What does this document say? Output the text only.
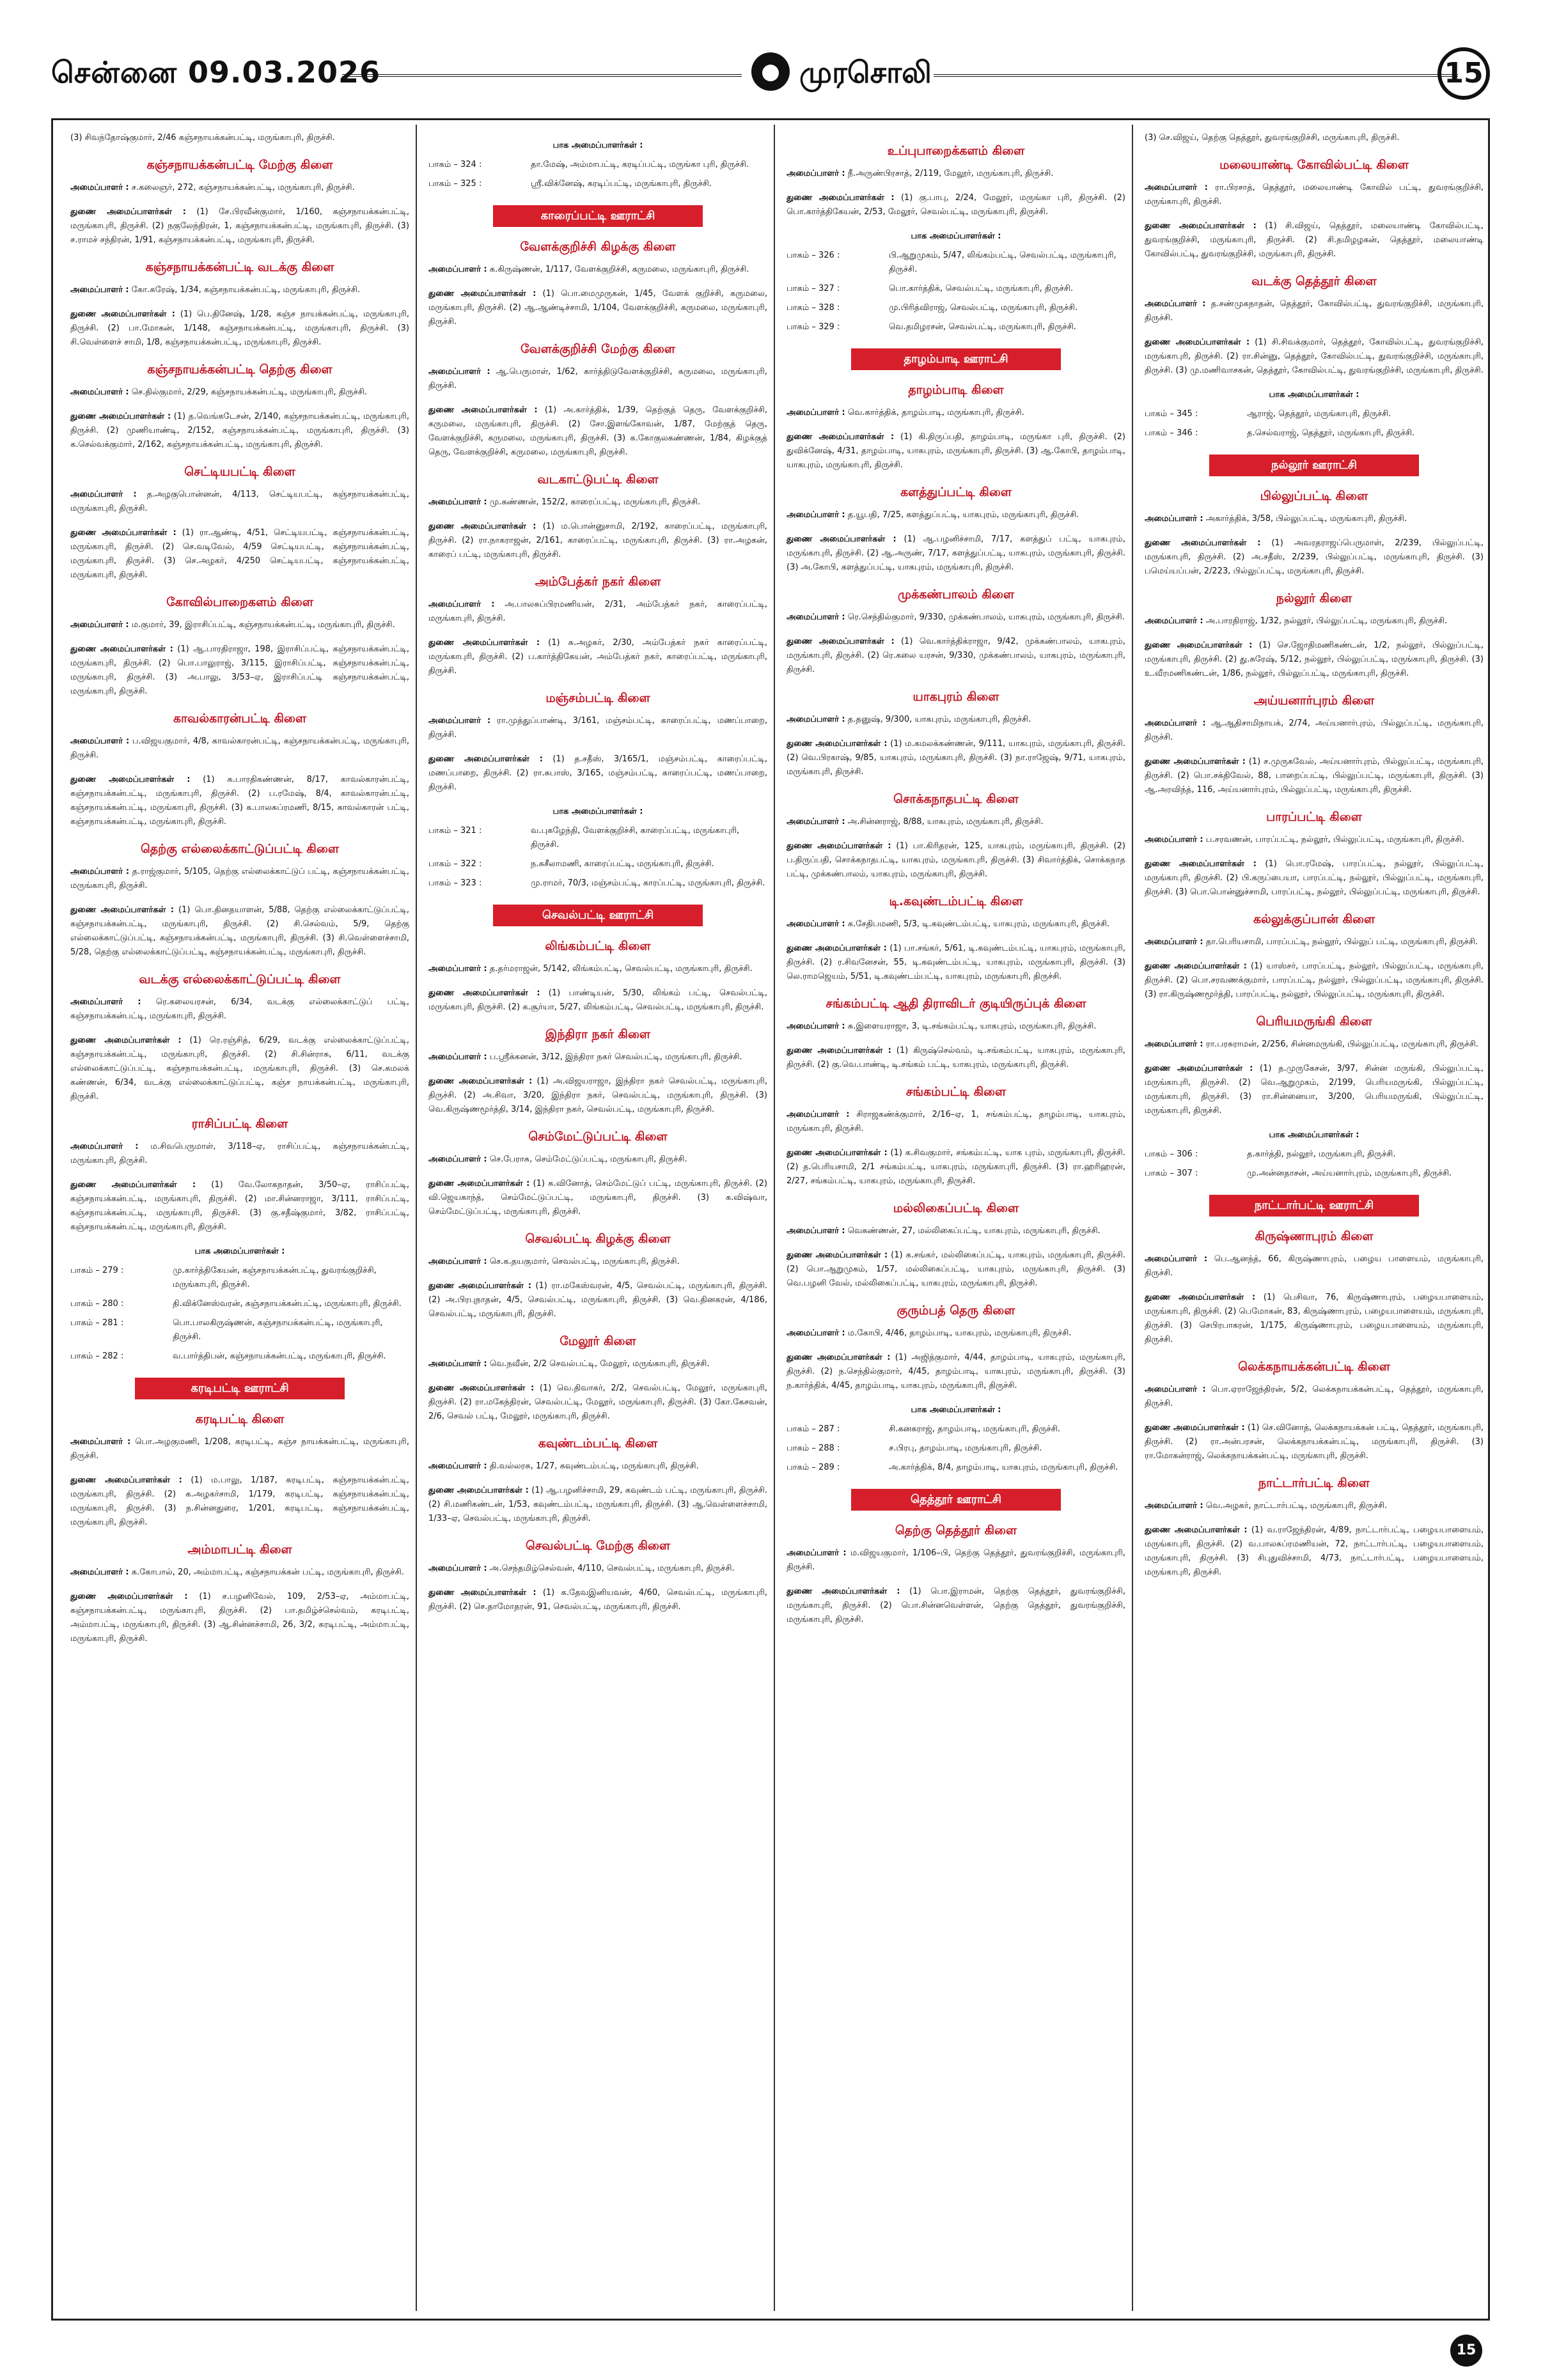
சென்னை 09.03.2026	● முரசொலி	15

(3) சிவந்தோஷ்குமார், 2/46 கஞ்சநாயக்கன்பட்டி, மருங்காபுரி, திருச்சி.

கஞ்சநாயக்கன்பட்டி மேற்கு கிளை

அமைப்பாளர் : ச.கலைஞர், 272, கஞ்சநாயக்கன்பட்டி, மருங்காபுரி, திருச்சி.

துணை அமைப்பாளர்கள் : (1) சே.பிரவீன்குமார், 1/160, கஞ்சநாயக்கன்பட்டி, மருங்காபுரி, திருச்சி. (2) நகுலேந்திரன், 1, கஞ்சநாயக்கன்பட்டி, மருங்காபுரி, திருச்சி. (3) ச.ராமச் சந்திரன், 1/91, கஞ்சநாயக்கன்பட்டி, மருங்காபுரி, திருச்சி.

கஞ்சநாயக்கன்பட்டி வடக்கு கிளை

அமைப்பாளர் : கோ.சுரேஷ், 1/34, கஞ்சநாயக்கன்பட்டி, மருங்காபுரி, திருச்சி.

துணை அமைப்பாளர்கள் : (1) பெ.தினேஷ், 1/28, கஞ்ச நாயக்கன்பட்டி, மருங்காபுரி, திருச்சி. (2) பா.மோகன், 1/148, கஞ்சநாயக்கன்பட்டி, மருங்காபுரி, திருச்சி. (3) சி.வெள்ளைச் சாமி, 1/8, கஞ்சநாயக்கன்பட்டி, மருங்காபுரி, திருச்சி.

கஞ்சநாயக்கன்பட்டி தெற்கு கிளை

அமைப்பாளர் : செ.தில்குமார், 2/29, கஞ்சநாயக்கன்பட்டி, மருங்காபுரி, திருச்சி.

துணை அமைப்பாளர்கள் : (1) த.வெங்கடேசன், 2/140, கஞ்சநாயக்கன்பட்டி, மருங்காபுரி, திருச்சி. (2) முணியாண்டி, 2/152, கஞ்சநாயக்கன்பட்டி, மருங்காபுரி, திருச்சி. (3) க.செல்வக்குமார், 2/162, கஞ்சநாயக்கன்பட்டி, மருங்காபுரி, திருச்சி.

செட்டியபட்டி கிளை

அமைப்பாளர் : த.அழகுபொன்னன், 4/113, செட்டியபட்டி, கஞ்சநாயக்கன்பட்டி, மருங்காபுரி, திருச்சி.

துணை அமைப்பாளர்கள் : (1) ரா.ஆண்டி, 4/51, செட்டியபட்டி, கஞ்சநாயக்கன்பட்டி, மருங்காபுரி, திருச்சி. (2) செ.வடிவேல், 4/59 செட்டியபட்டி, கஞ்சநாயக்கன்பட்டி, மருங்காபுரி, திருச்சி. (3) செ.அழகர், 4/250 செட்டியபட்டி, கஞ்சநாயக்கன்பட்டி, மருங்காபுரி, திருச்சி.

கோவில்பாறைகளம் கிளை

அமைப்பாளர் : ம.குமார், 39, இராசிப்பட்டி, கஞ்சநாயக்கன்பட்டி, மருங்காபுரி, திருச்சி.

துணை அமைப்பாளர்கள் : (1) ஆ.பாரதிராஜா, 198, இராசிப்பட்டி, கஞ்சநாயக்கன்பட்டி, மருங்காபுரி, திருச்சி. (2) பொ.பாலுராஜ், 3/115, இராசிப்பட்டி, கஞ்சநாயக்கன்பட்டி, மருங்காபுரி, திருச்சி. (3) அ.பாலு, 3/53–ஏ, இராசிப்பட்டி கஞ்சநாயக்கன்பட்டி, மருங்காபுரி, திருச்சி.

காவல்காரன்பட்டி கிளை

அமைப்பாளர் : ப.விஜயகுமார், 4/8, காவல்காரன்பட்டி, கஞ்சநாயக்கன்பட்டி, மருங்காபுரி, திருச்சி.

துணை அமைப்பாளர்கள் : (1) சு.பாரதிகண்ணன், 8/17, காவல்காரன்பட்டி, கஞ்சநாயக்கன்பட்டி, மருங்காபுரி, திருச்சி. (2) ப.ரமேஷ், 8/4, காவல்காரன்பட்டி, கஞ்சநாயக்கன்பட்டி, மருங்காபுரி, திருச்சி. (3) க.பாலசுப்ரமணி, 8/15, காவல்காரன் பட்டி, கஞ்சநாயக்கன்பட்டி, மருங்காபுரி, திருச்சி.

தெற்கு எல்லைக்காட்டுப்பட்டி கிளை

அமைப்பாளர் : த.ராஜ்குமார், 5/105, தெற்கு எல்லைக்காட்டுப் பட்டி, கஞ்சநாயக்கன்பட்டி, மருங்காபுரி, திருச்சி.

துணை அமைப்பாளர்கள் : (1) பொ.தினதயாளன், 5/88, தெற்கு எல்லைக்காட்டுப்பட்டி, கஞ்சநாயக்கன்பட்டி, மருங்காபுரி, திருச்சி. (2) சி.செல்வம், 5/9, தெற்கு எல்லைக்காட்டுப்பட்டி, கஞ்சநாயக்கன்பட்டி, மருங்காபுரி, திருச்சி. (3) சி.வெள்ளைச்சாமி, 5/28, தெற்கு எல்லைக்காட்டுப்பட்டி, கஞ்சநாயக்கன்பட்டி, மருங்காபுரி, திருச்சி.

வடக்கு எல்லைக்காட்டுப்பட்டி கிளை

அமைப்பாளர் : ரெ.கலையரசன், 6/34, வடக்கு எல்லைக்காட்டுப் பட்டி, கஞ்சநாயக்கன்பட்டி, மருங்காபுரி, திருச்சி.

துணை அமைப்பாளர்கள் : (1) ரெ.ரஞ்சித், 6/29, வடக்கு எல்லைக்காட்டுப்பட்டி, கஞ்சநாயக்கன்பட்டி, மருங்காபுரி, திருச்சி. (2) சி.சின்ராசு, 6/11, வடக்கு எல்லைக்காட்டுப்பட்டி, கஞ்சநாயக்கன்பட்டி, மருங்காபுரி, திருச்சி. (3) செ.கமலக் கண்ணன், 6/34, வடக்கு எல்லைக்காட்டுப்பட்டி, கஞ்ச நாயக்கன்பட்டி, மருங்காபுரி, திருச்சி.

ராசிப்பட்டி கிளை

அமைப்பாளர் : ம.சிவபெருமாள், 3/118–ஏ, ராசிப்பட்டி, கஞ்சநாயக்கன்பட்டி, மருங்காபுரி, திருச்சி.

துணை அமைப்பாளர்கள் : (1) வே.லோகநாதன், 3/50–ஏ, ராசிப்பட்டி, கஞ்சநாயக்கன்பட்டி, மருங்காபுரி, திருச்சி. (2) மா.சின்னராஜா, 3/111, ராசிப்பட்டி, கஞ்சநாயக்கன்பட்டி, மருங்காபுரி, திருச்சி. (3) கு.சதீஷ்குமார், 3/82, ராசிப்பட்டி, கஞ்சநாயக்கன்பட்டி, மருங்காபுரி, திருச்சி.

பாக அமைப்பாளர்கள் :
பாகம் – 279 :	மு.கார்த்திகேயன், கஞ்சநாயக்கன்பட்டி, துவரங்குறிச்சி, மருங்காபுரி, திருச்சி.
பாகம் – 280 :	தி.விக்னேஸ்வரன், கஞ்சநாயக்கன்பட்டி, மருங்காபுரி, திருச்சி.
பாகம் – 281 :	பொ.பாலகிருஷ்ணன், கஞ்சநாயக்கன்பட்டி, மருங்காபுரி, திருச்சி.
பாகம் – 282 :	வ.பார்த்திபன், கஞ்சநாயக்கன்பட்டி, மருங்காபுரி, திருச்சி.
கரடிபட்டி ஊராட்சி
கரடிபட்டி கிளை

அமைப்பாளர் : பொ.அழகுமணி, 1/208, கரடிபட்டி, கஞ்ச நாயக்கன்பட்டி, மருங்காபுரி, திருச்சி.

துணை அமைப்பாளர்கள் : (1) ம.பாலு, 1/187, கரடிபட்டி, கஞ்சநாயக்கன்பட்டி, மருங்காபுரி, திருச்சி. (2) க.அழகர்சாமி, 1/179, கரடிபட்டி, கஞ்சநாயக்கன்பட்டி, மருங்காபுரி, திருச்சி. (3) ந.சின்னதுரை, 1/201, கரடிபட்டி, கஞ்சநாயக்கன்பட்டி, மருங்காபுரி, திருச்சி.

அம்மாபட்டி கிளை

அமைப்பாளர் : க.கோபால், 20, அம்மாபட்டி, கஞ்சநாயக்கன் பட்டி, மருங்காபுரி, திருச்சி.

துணை அமைப்பாளர்கள் : (1) ச.பழனிவேல், 109, 2/53–ஏ, அம்மாபட்டி, கஞ்சநாயக்கன்பட்டி, மருங்காபுரி, திருச்சி. (2) பா.தமிழ்ச்செல்வம், கரடிபட்டி, அம்மாபட்டி, மருங்காபுரி, திருச்சி. (3) ஆ.சின்னச்சாமி, 26, 3/2, கரடிபட்டி, அம்மாபட்டி, மருங்காபுரி, திருச்சி.

பாக அமைப்பாளர்கள் :
பாகம் – 324 :	தா.மேஷ், அம்மாபட்டி, கரடிப்பட்டி, மருங்கா புரி, திருச்சி.
பாகம் – 325 :	ஸ்ரீ.விக்னேஷ், கரடிப்பட்டி, மருங்காபுரி, திருச்சி.
காரைப்பட்டி ஊராட்சி
வேளக்குறிச்சி கிழக்கு கிளை

அமைப்பாளர் : க.கிருஷ்ணன், 1/117, வேளக்குறிச்சி, கருமலை, மருங்காபுரி, திருச்சி.

துணை அமைப்பாளர்கள் : (1) பொ.மைமுருகன், 1/45, வேளக் குறிச்சி, கருமலை, மருங்காபுரி, திருச்சி. (2) ஆ.ஆண்டிச்சாமி, 1/104, வேளக்குறிச்சி, கருமலை, மருங்காபுரி, திருச்சி.

வேளக்குறிச்சி மேற்கு கிளை

அமைப்பாளர் : ஆ.பெருமாள், 1/62, கார்த்திடுவேளக்குறிச்சி, கருமலை, மருங்காபுரி, திருச்சி.

துணை அமைப்பாளர்கள் : (1) அ.கார்த்திக், 1/39, தெற்குத் தெரு, வேளக்குறிச்சி, கருமலை, மருங்காபுரி, திருச்சி. (2) சோ.இளங்கோவன், 1/87, மேற்குத் தெரு, வேளக்குறிச்சி, கருமலை, மருங்காபுரி, திருச்சி. (3) க.கோகுலகண்ணன், 1/84, கிழக்குத் தெரு, வேளக்குறிச்சி, கருமலை, மருங்காபுரி, திருச்சி.

வடகாட்டுபட்டி கிளை

அமைப்பாளர் : மு.கண்ணன், 152/2, காரைப்பட்டி, மருங்காபுரி, திருச்சி.

துணை அமைப்பாளர்கள் : (1) ம.பொன்னுசாமி, 2/192, காரைப்பட்டி, மருங்காபுரி, திருச்சி. (2) ரா.நாகராஜன், 2/161, காரைப்பட்டி, மருங்காபுரி, திருச்சி. (3) ரா.அழகன், காரைப் பட்டி, மருங்காபுரி, திருச்சி.

அம்பேத்கர் நகர் கிளை

அமைப்பாளர் : அ.பாலசுப்பிரமணியன், 2/31, அம்பேத்கர் நகர், காரைப்பட்டி, மருங்காபுரி, திருச்சி.

துணை அமைப்பாளர்கள் : (1) சு.அழகர், 2/30, அம்பேத்கர் நகர் காரைப்பட்டி, மருங்காபுரி, திருச்சி. (2) ப.கார்த்திகேயன், அம்பேத்கர் நகர், காரைப்பட்டி, மருங்காபுரி, திருச்சி.

மஞ்சம்பட்டி கிளை

அமைப்பாளர் : ரா.முத்துப்பாண்டி, 3/161, மஞ்சம்பட்டி, காரைப்பட்டி, மணப்பாறை, திருச்சி.

துணை அமைப்பாளர்கள் : (1) த.சதீஸ், 3/165/1, மஞ்சம்பட்டி, காரைப்பட்டி, மணப்பாறை, திருச்சி. (2) ரா.சுபாஸ், 3/165, மஞ்சம்பட்டி, காரைப்பட்டி, மணப்பாறை, திருச்சி.

பாக அமைப்பாளர்கள் :
பாகம் – 321 :	வ.புகழேந்தி, வேளக்குறிச்சி, காரைப்பட்டி, மருங்காபுரி, திருச்சி.
பாகம் – 322 :	ந.சுசீலாமணி, காரைப்பட்டி, மருங்காபுரி, திருச்சி.
பாகம் – 323 :	மு.ராமர், 70/3, மஞ்சம்பட்டி, காரப்பட்டி, மருங்காபுரி, திருச்சி.
செவல்பட்டி ஊராட்சி
லிங்கம்பட்டி கிளை

அமைப்பாளர் : த.தர்மராஜன், 5/142, லிங்கம்பட்டி, செவல்பட்டி, மருங்காபுரி, திருச்சி.

துணை அமைப்பாளர்கள் : (1) பாண்டியன், 5/30, லிங்கம் பட்டி, செவல்பட்டி, மருங்காபுரி, திருச்சி. (2) க.சூர்யா, 5/27, லிங்கம்பட்டி, செவல்பட்டி, மருங்காபுரி, திருச்சி.

இந்திரா நகர் கிளை

அமைப்பாளர் : ப.ஸ்ரீக்கனன், 3/12, இந்திரா நகர் செவல்பட்டி, மருங்காபுரி, திருச்சி.

துணை அமைப்பாளர்கள் : (1) அ.விஜயராஜா, இந்திரா நகர் செவல்பட்டி, மருங்காபுரி, திருச்சி. (2) அ.சிவா, 3/20, இந்திரா நகர், செவல்பட்டி, மருங்காபுரி, திருச்சி. (3) வெ.கிருஷ்ணமூர்த்தி, 3/14, இந்திரா நகர், செவல்பட்டி, மருங்காபுரி, திருச்சி.

செம்மேட்டுப்பட்டி கிளை

அமைப்பாளர் : செ.பேராசு, செம்மேட்டுப்பட்டி, மருங்காபுரி, திருச்சி.

துணை அமைப்பாளர்கள் : (1) சு.வினோத், செம்மேட்டுப் பட்டி, மருங்காபுரி, திருச்சி. (2) வி.ஜெயகாந்த், செம்மேட்டுப்பட்டி, மருங்காபுரி, திருச்சி. (3) க.விஷ்வா, செம்மேட்டுப்பட்டி, மருங்காபுரி, திருச்சி.

செவல்பட்டி கிழக்கு கிளை

அமைப்பாளர் : செ.க.தயகுமார், செவல்பட்டி, மருங்காபுரி, திருச்சி.

துணை அமைப்பாளர்கள் : (1) ரா.மகேஸ்வரன், 4/5, செவல்பட்டி, மருங்காபுரி, திருச்சி. (2) அ.பிரபுநாதன், 4/5, செவல்பட்டி, மருங்காபுரி, திருச்சி. (3) வெ.தினகரன், 4/186, செவல்பட்டி, மருங்காபுரி, திருச்சி.

மேலூர் கிளை

அமைப்பாளர் : வெ.நவீன், 2/2 செவல்பட்டி, மேலூர், மருங்காபுரி, திருச்சி.

துணை அமைப்பாளர்கள் : (1) வெ.திவாகர், 2/2, செவல்பட்டி, மேலூர், மருங்காபுரி, திருச்சி. (2) ரா.மகேந்திரன், செவல்பட்டி, மேலூர், மருங்காபுரி, திருச்சி. (3) கோ.கேசவன், 2/6, செவல் பட்டி, மேலூர், மருங்காபுரி, திருச்சி.

கவுண்டம்பட்டி கிளை

அமைப்பாளர் : தி.வல்லரசு, 1/27, கவுண்டம்பட்டி, மருங்காபுரி, திருச்சி.

துணை அமைப்பாளர்கள் : (1) ஆ.பழனிச்சாமி, 29, கவுண்டம் பட்டி, மருங்காபுரி, திருச்சி. (2) சி.மணிகண்டன், 1/53, கவுண்டம்பட்டி, மருங்காபுரி, திருச்சி. (3) ஆ.வெள்ளைச்சாமி, 1/33–ஏ, செவல்பட்டி, மருங்காபுரி, திருச்சி.

செவல்பட்டி மேற்கு கிளை

அமைப்பாளர் : அ.செந்தமிழ்செல்வன், 4/110, செவல்பட்டி, மருங்காபுரி, திருச்சி.

துணை அமைப்பாளர்கள் : (1) க.தேவஇனியவன், 4/60, செவல்பட்டி, மருங்காபுரி, திருச்சி. (2) செ.தாமோதரன், 91, செவல்பட்டி, மருங்காபுரி, திருச்சி.

உப்புபாறைக்களம் கிளை

அமைப்பாளர் : நீ.அருண்பிரசாத், 2/119, மேலூர், மருங்காபுரி, திருச்சி.

துணை அமைப்பாளர்கள் : (1) கு.பாபு, 2/24, மேலூர், மருங்கா புரி, திருச்சி. (2) பொ.கார்த்திகேயன், 2/53, மேலூர், செவல்பட்டி, மருங்காபுரி, திருச்சி.

பாக அமைப்பாளர்கள் :
பாகம் – 326 :	பி.ஆறுமுகம், 5/47, லிங்கம்பட்டி, செவல்பட்டி, மருங்காபுரி, திருச்சி.
பாகம் – 327 :	பொ.கார்த்திக், செவல்பட்டி, மருங்காபுரி, திருச்சி.
பாகம் – 328 :	மு.பிரித்விராஜ், செவல்பட்டி, மருங்காபுரி, திருச்சி.
பாகம் – 329 :	வெ.தமிழரசன், செவல்பட்டி, மருங்காபுரி, திருச்சி.
தாழம்பாடி ஊராட்சி
தாழம்பாடி கிளை

அமைப்பாளர் : வெ.கார்த்திக், தாழம்பாடி, மருங்காபுரி, திருச்சி.

துணை அமைப்பாளர்கள் : (1) கி.திருப்பதி, தாழம்பாடி, மருங்கா புரி, திருச்சி. (2) துவிக்னேஷ், 4/31, தாழம்பாடி, யாகபுரம், மருங்காபுரி, திருச்சி. (3) ஆ.கோபி, தாழம்பாடி, யாகபுரம், மருங்காபுரி, திருச்சி.

களத்துப்பட்டி கிளை

அமைப்பாளர் : த.யூபதி, 7/25, களத்துப்பட்டி, யாகபுரம், மருங்காபுரி, திருச்சி.

துணை அமைப்பாளர்கள் : (1) ஆ.பழனிச்சாமி, 7/17, களத்துப் பட்டி, யாகபுரம், மருங்காபுரி, திருச்சி. (2) ஆ.அருண், 7/17, களத்துப்பட்டி, யாகபுரம், மருங்காபுரி, திருச்சி. (3) அ.கோபி, களத்துப்பட்டி, யாகபுரம், மருங்காபுரி, திருச்சி.

முக்கண்பாலம் கிளை

அமைப்பாளர் : ரெ.செந்தில்குமார், 9/330, முக்கண்பாலம், யாகபுரம், மருங்காபுரி, திருச்சி.

துணை அமைப்பாளர்கள் : (1) வெ.கார்த்திக்ராஜா, 9/42, முக்கண்பாலம், யாகபுரம், மருங்காபுரி, திருச்சி. (2) ரெ.கலை யரசன், 9/330, முக்கண்பாலம், யாகபுரம், மருங்காபுரி, திருச்சி.

யாகபுரம் கிளை

அமைப்பாளர் : த.தனுஷ், 9/300, யாகபுரம், மருங்காபுரி, திருச்சி.

துணை அமைப்பாளர்கள் : (1) ம.கமலக்கண்ணன், 9/111, யாகபுரம், மருங்காபுரி, திருச்சி. (2) வெ.பிரகாஷ், 9/85, யாகபுரம், மருங்காபுரி, திருச்சி. (3) நா.ராஜேஷ், 9/71, யாகபுரம், மருங்காபுரி, திருச்சி.

சொக்கநாதபட்டி கிளை

அமைப்பாளர் : அ.சின்னராஜ், 8/88, யாகபுரம், மருங்காபுரி, திருச்சி.

துணை அமைப்பாளர்கள் : (1) பா.கிரிதரன், 125, யாகபுரம், மருங்காபுரி, திருச்சி. (2) ப.திருப்பதி, சொக்கநாதபட்டி, யாகபுரம், மருங்காபுரி, திருச்சி. (3) சிவார்த்திக், சொக்கநாத பட்டி, முக்கண்பாலம், யாகபுரம், மருங்காபுரி, திருச்சி.

டி.கவுண்டம்பட்டி கிளை

அமைப்பாளர் : க.சேதிபமணி, 5/3, டி.கவுண்டம்பட்டி, யாகபுரம், மருங்காபுரி, திருச்சி.

துணை அமைப்பாளர்கள் : (1) பா.சங்கர், 5/61, டி.கவுண்டம்பட்டி, யாகபுரம், மருங்காபுரி, திருச்சி. (2) ர.சிவனேசன், 55, டி.கவுண்டம்பட்டி, யாகபுரம், மருங்காபுரி, திருச்சி. (3) லெ.ராமஜெயம், 5/51, டி.கவுண்டம்பட்டி, யாகபுரம், மருங்காபுரி, திருச்சி.

சங்கம்பட்டி ஆதி திராவிடர் குடியிருப்புக் கிளை

அமைப்பாளர் : சு.இளையராஜா, 3, டி.சங்கம்பட்டி, யாகபுரம், மருங்காபுரி, திருச்சி.

துணை அமைப்பாளர்கள் : (1) கிருஷ்செல்வம், டி.சங்கம்பட்டி, யாகபுரம், மருங்காபுரி, திருச்சி. (2) கு.வெ.பாண்டி, டி.சங்கம் பட்டி, யாகபுரம், மருங்காபுரி, திருச்சி.

சங்கம்பட்டி கிளை

அமைப்பாளர் : சிராஜகண்க்குமார், 2/16–ஏ, 1, சங்கம்பட்டி, தாழம்பாடி, யாகபுரம், மருங்காபுரி, திருச்சி.

துணை அமைப்பாளர்கள் : (1) க.சிவகுமார், சங்கம்பட்டி, யாக புரம், மருங்காபுரி, திருச்சி. (2) த.பெரியசாமி, 2/1 சங்கம்பட்டி, யாகபுரம், மருங்காபுரி, திருச்சி. (3) ரா.ஹரிஹரன், 2/27, சங்கம்பட்டி, யாகபுரம், மருங்காபுரி, திருச்சி.

மல்லிகைப்பட்டி கிளை

அமைப்பாளர் : வெகண்ணன், 27, மல்லிகைப்பட்டி, யாகபுரம், மருங்காபுரி, திருச்சி.

துணை அமைப்பாளர்கள் : (1) க.சங்கர், மல்லிகைப்பட்டி, யாகபுரம், மருங்காபுரி, திருச்சி. (2) பொ.ஆறுமுகம், 1/57, மல்லிகைப்பட்டி, யாகபுரம், மருங்காபுரி, திருச்சி. (3) வெ.பழனி வேல், மல்லிகைப்பட்டி, யாகபுரம், மருங்காபுரி, திருச்சி.

குரும்பத் தெரு கிளை

அமைப்பாளர் : ம.கோபி, 4/46, தாழம்பாடி, யாகபுரம், மருங்காபுரி, திருச்சி.

துணை அமைப்பாளர்கள் : (1) அஜித்குமார், 4/44, தாழம்பாடி, யாகபுரம், மருங்காபுரி, திருச்சி. (2) ந.செந்தில்குமார், 4/45, தாழம்பாடி, யாகபுரம், மருங்காபுரி, திருச்சி. (3) ந.கார்த்திக், 4/45, தாழம்பாடி, யாகபுரம், மருங்காபுரி, திருச்சி.

பாக அமைப்பாளர்கள் :
பாகம் – 287 :	சி.கனகராஜ், தாழம்பாடி, மருங்காபுரி, திருச்சி.
பாகம் – 288 :	ச.பிரபு, தாழம்பாடி, மருங்காபுரி, திருச்சி.
பாகம் – 289 :	அ.கார்த்திக், 8/4, தாழம்பாடி, யாகபுரம், மருங்காபுரி, திருச்சி.
தெத்தூர் ஊராட்சி
தெற்கு தெத்தூர் கிளை

அமைப்பாளர் : ம.விஜயகுமார், 1/106–பி, தெற்கு தெத்தூர், துவரங்குறிச்சி, மருங்காபுரி, திருச்சி.

துணை அமைப்பாளர்கள் : (1) பொ.இராமன், தெற்கு தெத்தூர், துவரங்குறிச்சி, மருங்காபுரி, திருச்சி. (2) பொ.சின்னவெள்ளன், தெற்கு தெத்தூர், துவரங்குறிச்சி, மருங்காபுரி, திருச்சி.

(3) செ.விஜய், தெற்கு தெத்தூர், துவரங்குறிச்சி, மருங்காபுரி, திருச்சி.

மலையாண்டி கோவில்பட்டி கிளை

அமைப்பாளர் : ரா.பிரசாத், தெத்தூர், மலையாண்டி கோவில் பட்டி, துவரங்குறிச்சி, மருங்காபுரி, திருச்சி.

துணை அமைப்பாளர்கள் : (1) சி.விஜய், தெத்தூர், மலையாண்டி கோவில்பட்டி, துவரங்குறிச்சி, மருங்காபுரி, திருச்சி. (2) சி.தமிழழகன், தெத்தூர், மலையாண்டி கோவில்பட்டி, துவரங்குறிச்சி, மருங்காபுரி, திருச்சி.

வடக்கு தெத்தூர் கிளை

அமைப்பாளர் : த.சண்முகநாதன், தெத்தூர், கோவில்பட்டி, துவரங்குறிச்சி, மருங்காபுரி, திருச்சி.

துணை அமைப்பாளர்கள் : (1) சி.சிவக்குமார், தெத்தூர், கோவில்பட்டி, துவரங்குறிச்சி, மருங்காபுரி, திருச்சி. (2) ரா.சின்னு, தெத்தூர், கோவில்பட்டி, துவரங்குறிச்சி, மருங்காபுரி, திருச்சி. (3) மு.மணிவாசகன், தெத்தூர், கோவில்பட்டி, துவரங்குறிச்சி, மருங்காபுரி, திருச்சி.

பாக அமைப்பாளர்கள் :
பாகம் – 345 :	ஆராஜ், தெத்தூர், மருங்காபுரி, திருச்சி.
பாகம் – 346 :	த.செல்வராஜ், தெத்தூர், மருங்காபுரி, திருச்சி.
நல்லூர் ஊராட்சி
பில்லுப்பட்டி கிளை

அமைப்பாளர் : அகார்த்திக், 3/58, பில்லுப்பட்டி, மருங்காபுரி, திருச்சி.

துணை அமைப்பாளர்கள் : (1) அவரதராஜப்பெருமாள், 2/239, பில்லுப்பட்டி, மருங்காபுரி, திருச்சி. (2) அ.சதீஸ், 2/239, பில்லுப்பட்டி, மருங்காபுரி, திருச்சி. (3) பமெய்யப்பன், 2/223, பில்லுப்பட்டி, மருங்காபுரி, திருச்சி.

நல்லூர் கிளை

அமைப்பாளர் : அ.பாரதிராஜ், 1/32, நல்லூர், பில்லுப்பட்டி, மருங்காபுரி, திருச்சி.

துணை அமைப்பாளர்கள் : (1) செ.ஜோதிமணிகண்டன், 1/2, நல்லூர், பில்லுப்பட்டி, மருங்காபுரி, திருச்சி. (2) து.சுரேஷ், 5/12, நல்லூர், பில்லுப்பட்டி, மருங்காபுரி, திருச்சி. (3) உ.வீரமணிகண்டன், 1/86, நல்லூர், பில்லுப்பட்டி, மருங்காபுரி, திருச்சி.

அய்யனார்புரம் கிளை

அமைப்பாளர் : ஆ.ஆதிசாமிநாயக், 2/74, அய்யனார்புரம், பில்லுப்பட்டி, மருங்காபுரி, திருச்சி.

துணை அமைப்பாளர்கள் : (1) ச.முருகவேல், அய்யனார்புரம், பில்லுப்பட்டி, மருங்காபுரி, திருச்சி. (2) பொ.சக்திவேல், 88, பாறைப்பட்டி, பில்லுப்பட்டி, மருங்காபுரி, திருச்சி. (3) ஆ.அரவிந்த், 116, அய்யனார்புரம், பில்லுப்பட்டி, மருங்காபுரி, திருச்சி.

பாரப்பட்டி கிளை

அமைப்பாளர் : ப.சரவணன், பாரப்பட்டி, நல்லூர், பில்லுப்பட்டி, மருங்காபுரி, திருச்சி.

துணை அமைப்பாளர்கள் : (1) பொ.ரமேஷ், பாரப்பட்டி, நல்லூர், பில்லுப்பட்டி, மருங்காபுரி, திருச்சி. (2) பி.கருப்பையா, பாரப்பட்டி, நல்லூர், பில்லுப்பட்டி, மருங்காபுரி, திருச்சி. (3) பொ.பொன்னுச்சாமி, பாரப்பட்டி, நல்லூர், பில்லுப்பட்டி, மருங்காபுரி, திருச்சி.

கல்லுக்குப்பான் கிளை

அமைப்பாளர் : தா.பெரியசாமி, பாரப்பட்டி, நல்லூர், பில்லுப் பட்டி, மருங்காபுரி, திருச்சி.

துணை அமைப்பாளர்கள் : (1) யாஸ்சர், பாரப்பட்டி, நல்லூர், பில்லுப்பட்டி, மருங்காபுரி, திருச்சி. (2) பொ.சரவணக்குமார், பாரப்பட்டி, நல்லூர், பில்லுப்பட்டி, மருங்காபுரி, திருச்சி. (3) ரா.கிருஷ்ணமூர்த்தி, பாரப்பட்டி, நல்லூர், பில்லுப்பட்டி, மருங்காபுரி, திருச்சி.

பெரியமருங்கி கிளை

அமைப்பாளர் : ரா.பரசுராமன், 2/256, சின்னமருங்கி, பில்லுப்பட்டி, மருங்காபுரி, திருச்சி.

துணை அமைப்பாளர்கள் : (1) த.முருகேசன், 3/97, சின்ன மருங்கி, பில்லுப்பட்டி, மருங்காபுரி, திருச்சி. (2) வெ.ஆறுமுகம், 2/199, பெரியமருங்கி, பில்லுப்பட்டி, மருங்காபுரி, திருச்சி. (3) ரா.சின்னையா, 3/200, பெரியமருங்கி, பில்லுப்பட்டி, மருங்காபுரி, திருச்சி.

பாக அமைப்பாளர்கள் :
பாகம் – 306 :	த.கார்த்தி, நல்லூர், மருங்காபுரி, திருச்சி.
பாகம் – 307 :	மு.அன்னதாசன், அய்யனார்புரம், மருங்காபுரி, திருச்சி.
நாட்டார்பட்டி ஊராட்சி
கிருஷ்ணாபுரம் கிளை

அமைப்பாளர் : பெ.ஆனந்த், 66, கிருஷ்ணாபுரம், பழைய பாளையம், மருங்காபுரி, திருச்சி.

துணை அமைப்பாளர்கள் : (1) பெசிவா, 76, கிருஷ்ணாபுரம், பழையபாளையம், மருங்காபுரி, திருச்சி. (2) பெமோகன், 83, கிருஷ்ணாபுரம், பழையபாளையம், மருங்காபுரி, திருச்சி. (3) செபிரபாகரன், 1/175, கிருஷ்ணாபுரம், பழையபாளையம், மருங்காபுரி, திருச்சி.

லெக்கநாயக்கன்பட்டி கிளை

அமைப்பாளர் : பொ.ஏராஜேந்திரன், 5/2, லெக்கநாயக்கன்பட்டி, தெத்தூர், மருங்காபுரி, திருச்சி.

துணை அமைப்பாளர்கள் : (1) செ.வினோத், லெக்கநாயக்கன் பட்டி, தெத்தூர், மருங்காபுரி, திருச்சி. (2) ரா.அன்பரசன், லெக்கநாயக்கன்பட்டி, மருங்காபுரி, திருச்சி. (3) ரா.மோகன்ராஜ், லெக்கநாயக்கன்பட்டி, மருங்காபுரி, திருச்சி.

நாட்டார்பட்டி கிளை

அமைப்பாளர் : வெ.அழகர், நாட்டார்பட்டி, மருங்காபுரி, திருச்சி.

துணை அமைப்பாளர்கள் : (1) வ.ராஜேந்திரன், 4/89, நாட்டார்பட்டி, பழையபாளையம், மருங்காபுரி, திருச்சி. (2) வ.பாலசுப்ரமணியன், 72, நாட்டார்பட்டி, பழையபாளையம், மருங்காபுரி, திருச்சி. (3) சிபுதுவிச்சாமி, 4/73, நாட்டார்பட்டி, பழையபாளையம், மருங்காபுரி, திருச்சி.

15
